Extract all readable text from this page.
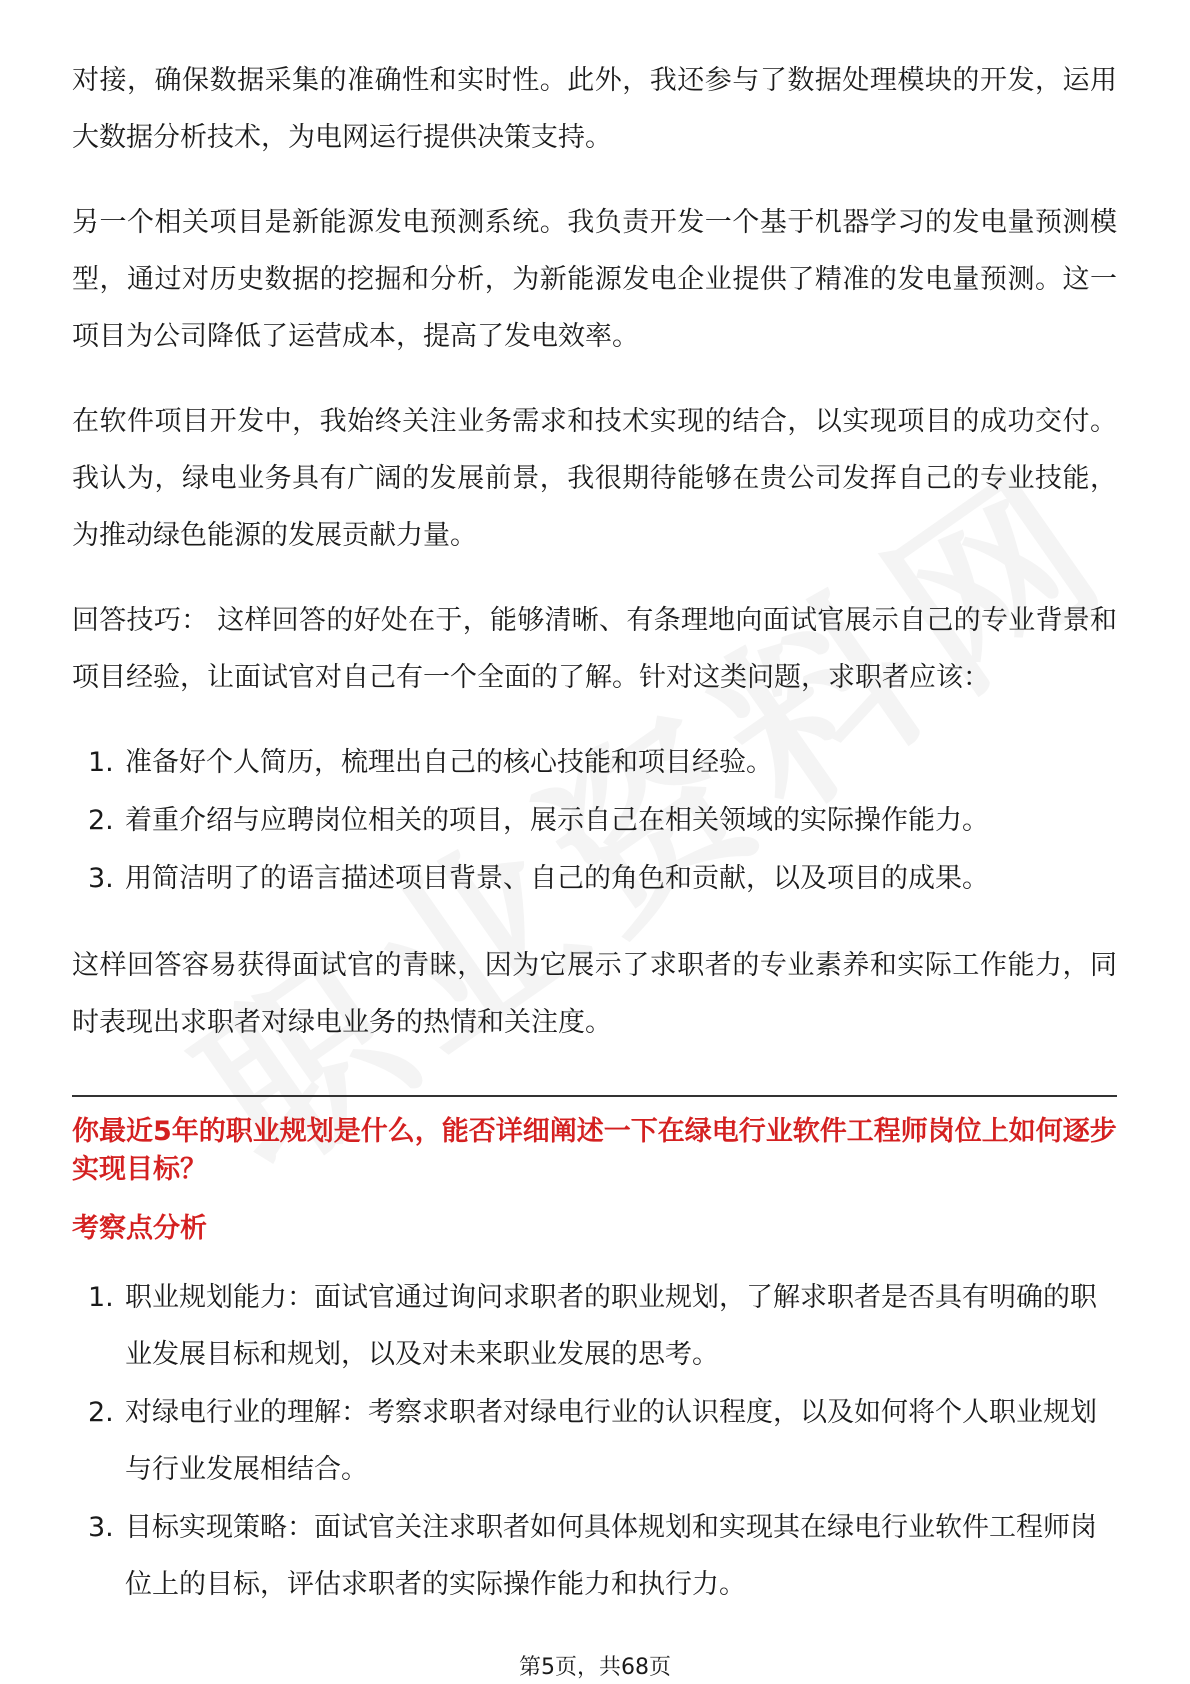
对接，确保数据采集的准确性和实时性。此外，我还参与了数据处理模块的开发，运用大数据分析技术，为电网运行提供决策支持。

另一个相关项目是新能源发电预测系统。我负责开发一个基于机器学习的发电量预测模型，通过对历史数据的挖掘和分析，为新能源发电企业提供了精准的发电量预测。这一项目为公司降低了运营成本，提高了发电效率。

在软件项目开发中，我始终关注业务需求和技术实现的结合，以实现项目的成功交付。我认为，绿电业务具有广阔的发展前景，我很期待能够在贵公司发挥自己的专业技能，为推动绿色能源的发展贡献力量。

回答技巧： 这样回答的好处在于，能够清晰、有条理地向面试官展示自己的专业背景和项目经验，让面试官对自己有一个全面的了解。针对这类问题，求职者应该：

1. 准备好个人简历，梳理出自己的核心技能和项目经验。
2. 着重介绍与应聘岗位相关的项目，展示自己在相关领域的实际操作能力。
3. 用简洁明了的语言描述项目背景、自己的角色和贡献，以及项目的成果。

这样回答容易获得面试官的青睐，因为它展示了求职者的专业素养和实际工作能力，同时表现出求职者对绿电业务的热情和关注度。

你最近5年的职业规划是什么，能否详细阐述一下在绿电行业软件工程师岗位上如何逐步实现目标？

考察点分析

1. 职业规划能力：面试官通过询问求职者的职业规划，了解求职者是否具有明确的职业发展目标和规划，以及对未来职业发展的思考。
2. 对绿电行业的理解：考察求职者对绿电行业的认识程度，以及如何将个人职业规划与行业发展相结合。
3. 目标实现策略：面试官关注求职者如何具体规划和实现其在绿电行业软件工程师岗位上的目标，评估求职者的实际操作能力和执行力。
第5页，共68页
